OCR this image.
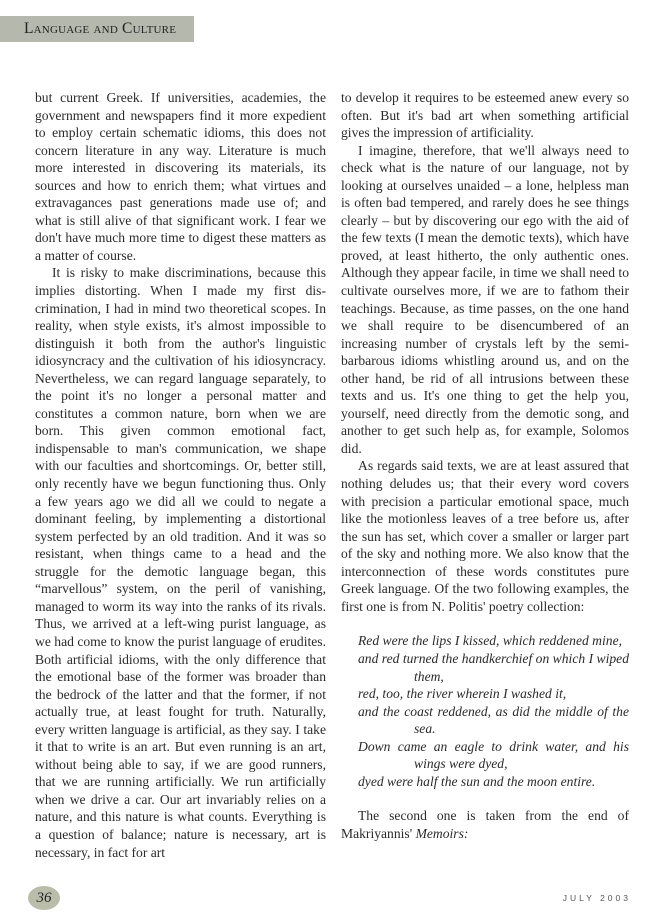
Language and Culture

but current Greek. If universities, academies, the government and newspapers find it more expedient to employ certain schematic idioms, this does not concern literature in any way. Literature is much more interested in discovering its materials, its sources and how to enrich them; what virtues and extravagances past generations made use of; and what is still alive of that significant work. I fear we don't have much more time to digest these matters as a matter of course.

It is risky to make discriminations, because this implies distorting. When I made my first discrimination, I had in mind two theoretical scopes. In reality, when style exists, it's almost impossible to distinguish it both from the author's linguistic idiosyncracy and the cultivation of his idiosyncracy. Nevertheless, we can regard language separately, to the point it's no longer a personal matter and constitutes a common nature, born when we are born. This given common emotional fact, indispensable to man's communication, we shape with our faculties and shortcomings. Or, better still, only recently have we begun functioning thus. Only a few years ago we did all we could to negate a dominant feeling, by implementing a distortional system perfected by an old tradition. And it was so resistant, when things came to a head and the struggle for the demotic language began, this “marvellous” system, on the peril of vanishing, managed to worm its way into the ranks of its rivals. Thus, we arrived at a left-wing purist language, as we had come to know the purist language of erudites. Both artificial idioms, with the only difference that the emotional base of the former was broader than the bedrock of the latter and that the former, if not actually true, at least fought for truth. Naturally, every written language is artificial, as they say. I take it that to write is an art. But even running is an art, without being able to say, if we are good runners, that we are running artificially. We run artificially when we drive a car. Our art invariably relies on a nature, and this nature is what counts. Everything is a question of balance; nature is necessary, art is necessary, in fact for art

to develop it requires to be esteemed anew every so often. But it's bad art when something artificial gives the impression of artificiality.

I imagine, therefore, that we'll always need to check what is the nature of our language, not by looking at ourselves unaided – a lone, helpless man is often bad tempered, and rarely does he see things clearly – but by discovering our ego with the aid of the few texts (I mean the demotic texts), which have proved, at least hitherto, the only authentic ones. Although they appear facile, in time we shall need to cultivate ourselves more, if we are to fathom their teachings. Because, as time passes, on the one hand we shall require to be disencumbered of an increasing number of crystals left by the semi-barbarous idioms whistling around us, and on the other hand, be rid of all intrusions between these texts and us. It's one thing to get the help you, yourself, need directly from the demotic song, and another to get such help as, for example, Solomos did.

As regards said texts, we are at least assured that nothing deludes us; that their every word covers with precision a particular emotional space, much like the motionless leaves of a tree before us, after the sun has set, which cover a smaller or larger part of the sky and nothing more. We also know that the interconnection of these words constitutes pure Greek language. Of the two following examples, the first one is from N. Politis' poetry collection:

Red were the lips I kissed, which reddened mine,
and red turned the handkerchief on which I wiped them,
red, too, the river wherein I washed it,
and the coast reddened, as did the middle of the sea.
Down came an eagle to drink water, and his wings were dyed,
dyed were half the sun and the moon entire.

The second one is taken from the end of Makriyannis' Memoirs:

36	JULY 2003
